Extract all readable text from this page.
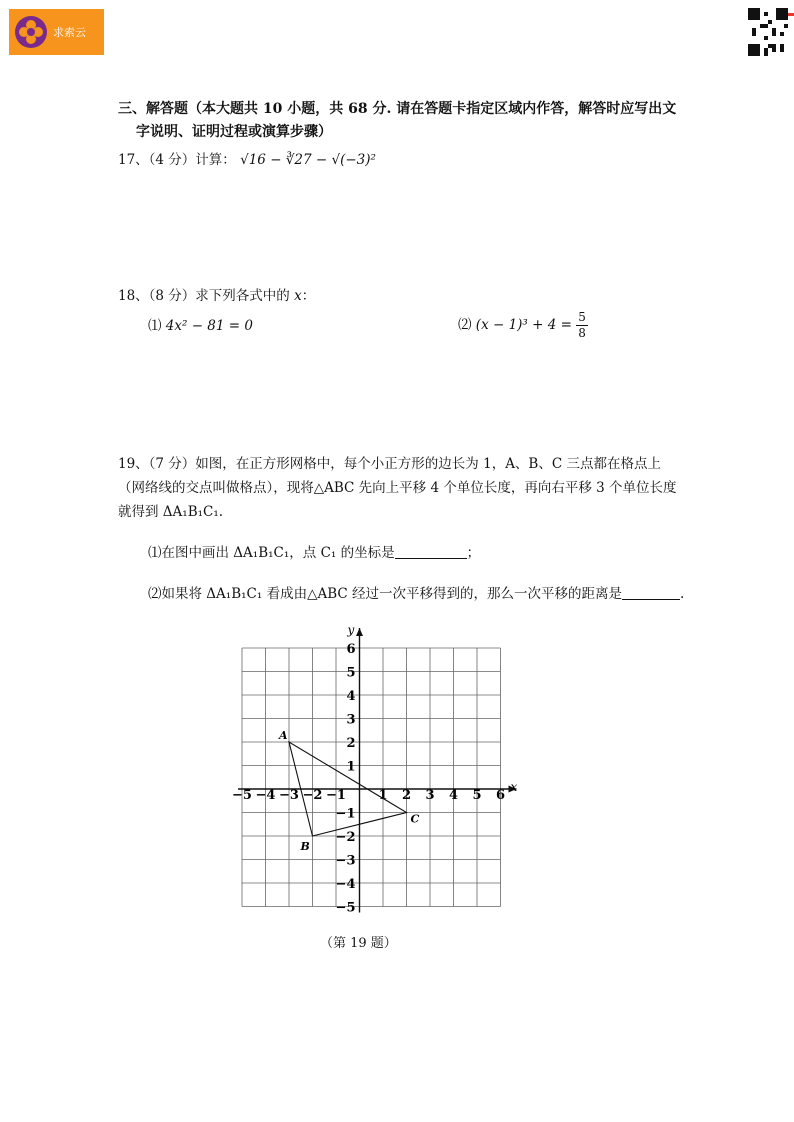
求索云
三、解答题（本大题共 10 小题，共 68 分. 请在答题卡指定区域内作答，解答时应写出文
字说明、证明过程或演算步骤）
17、（4 分）计算： √16 − ∛27 − √(−3)²
18、（8 分）求下列各式中的 x：
⑴ 4x² − 81 = 0	⑵ $(x - 1)^3 + 4 = \frac{5}{8}$
19、（7 分）如图，在正方形网格中，每个小正方形的边长为 1，A、B、C 三点都在格点上（网络线的交点叫做格点），现将△ABC 先向上平移 4 个单位长度，再向右平移 3 个单位长度就得到 ΔA₁B₁C₁.
⑴在图中画出 ΔA₁B₁C₁，点 C₁ 的坐标是	；
⑵如果将 ΔA₁B₁C₁ 看成由△ABC 经过一次平移得到的，那么一次平移的距离是	.
x
y
−5 −4 −3 −2 −1	1 2 3 4 5 6
6
5
4
3
2
1
−1
−2
−3
−4
−5
A
B
C
（第 19 题）
